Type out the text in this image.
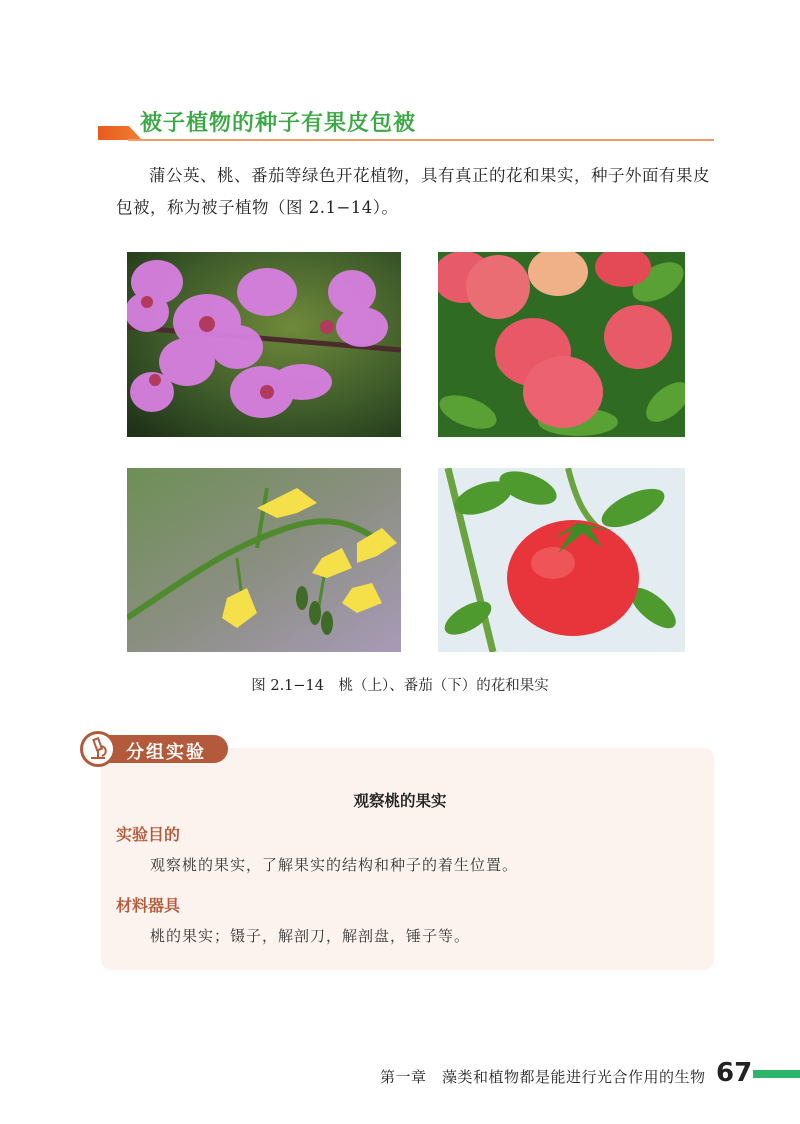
被子植物的种子有果皮包被

蒲公英、桃、番茄等绿色开花植物，具有真正的花和果实，种子外面有果皮包被，称为被子植物（图 2.1−14）。

图 2.1−14　桃（上）、番茄（下）的花和果实
分组实验
观察桃的果实
实验目的
观察桃的果实，了解果实的结构和种子的着生位置。
材料器具
桃的果实；镊子，解剖刀，解剖盘，锤子等。
第一章　藻类和植物都是能进行光合作用的生物 67
